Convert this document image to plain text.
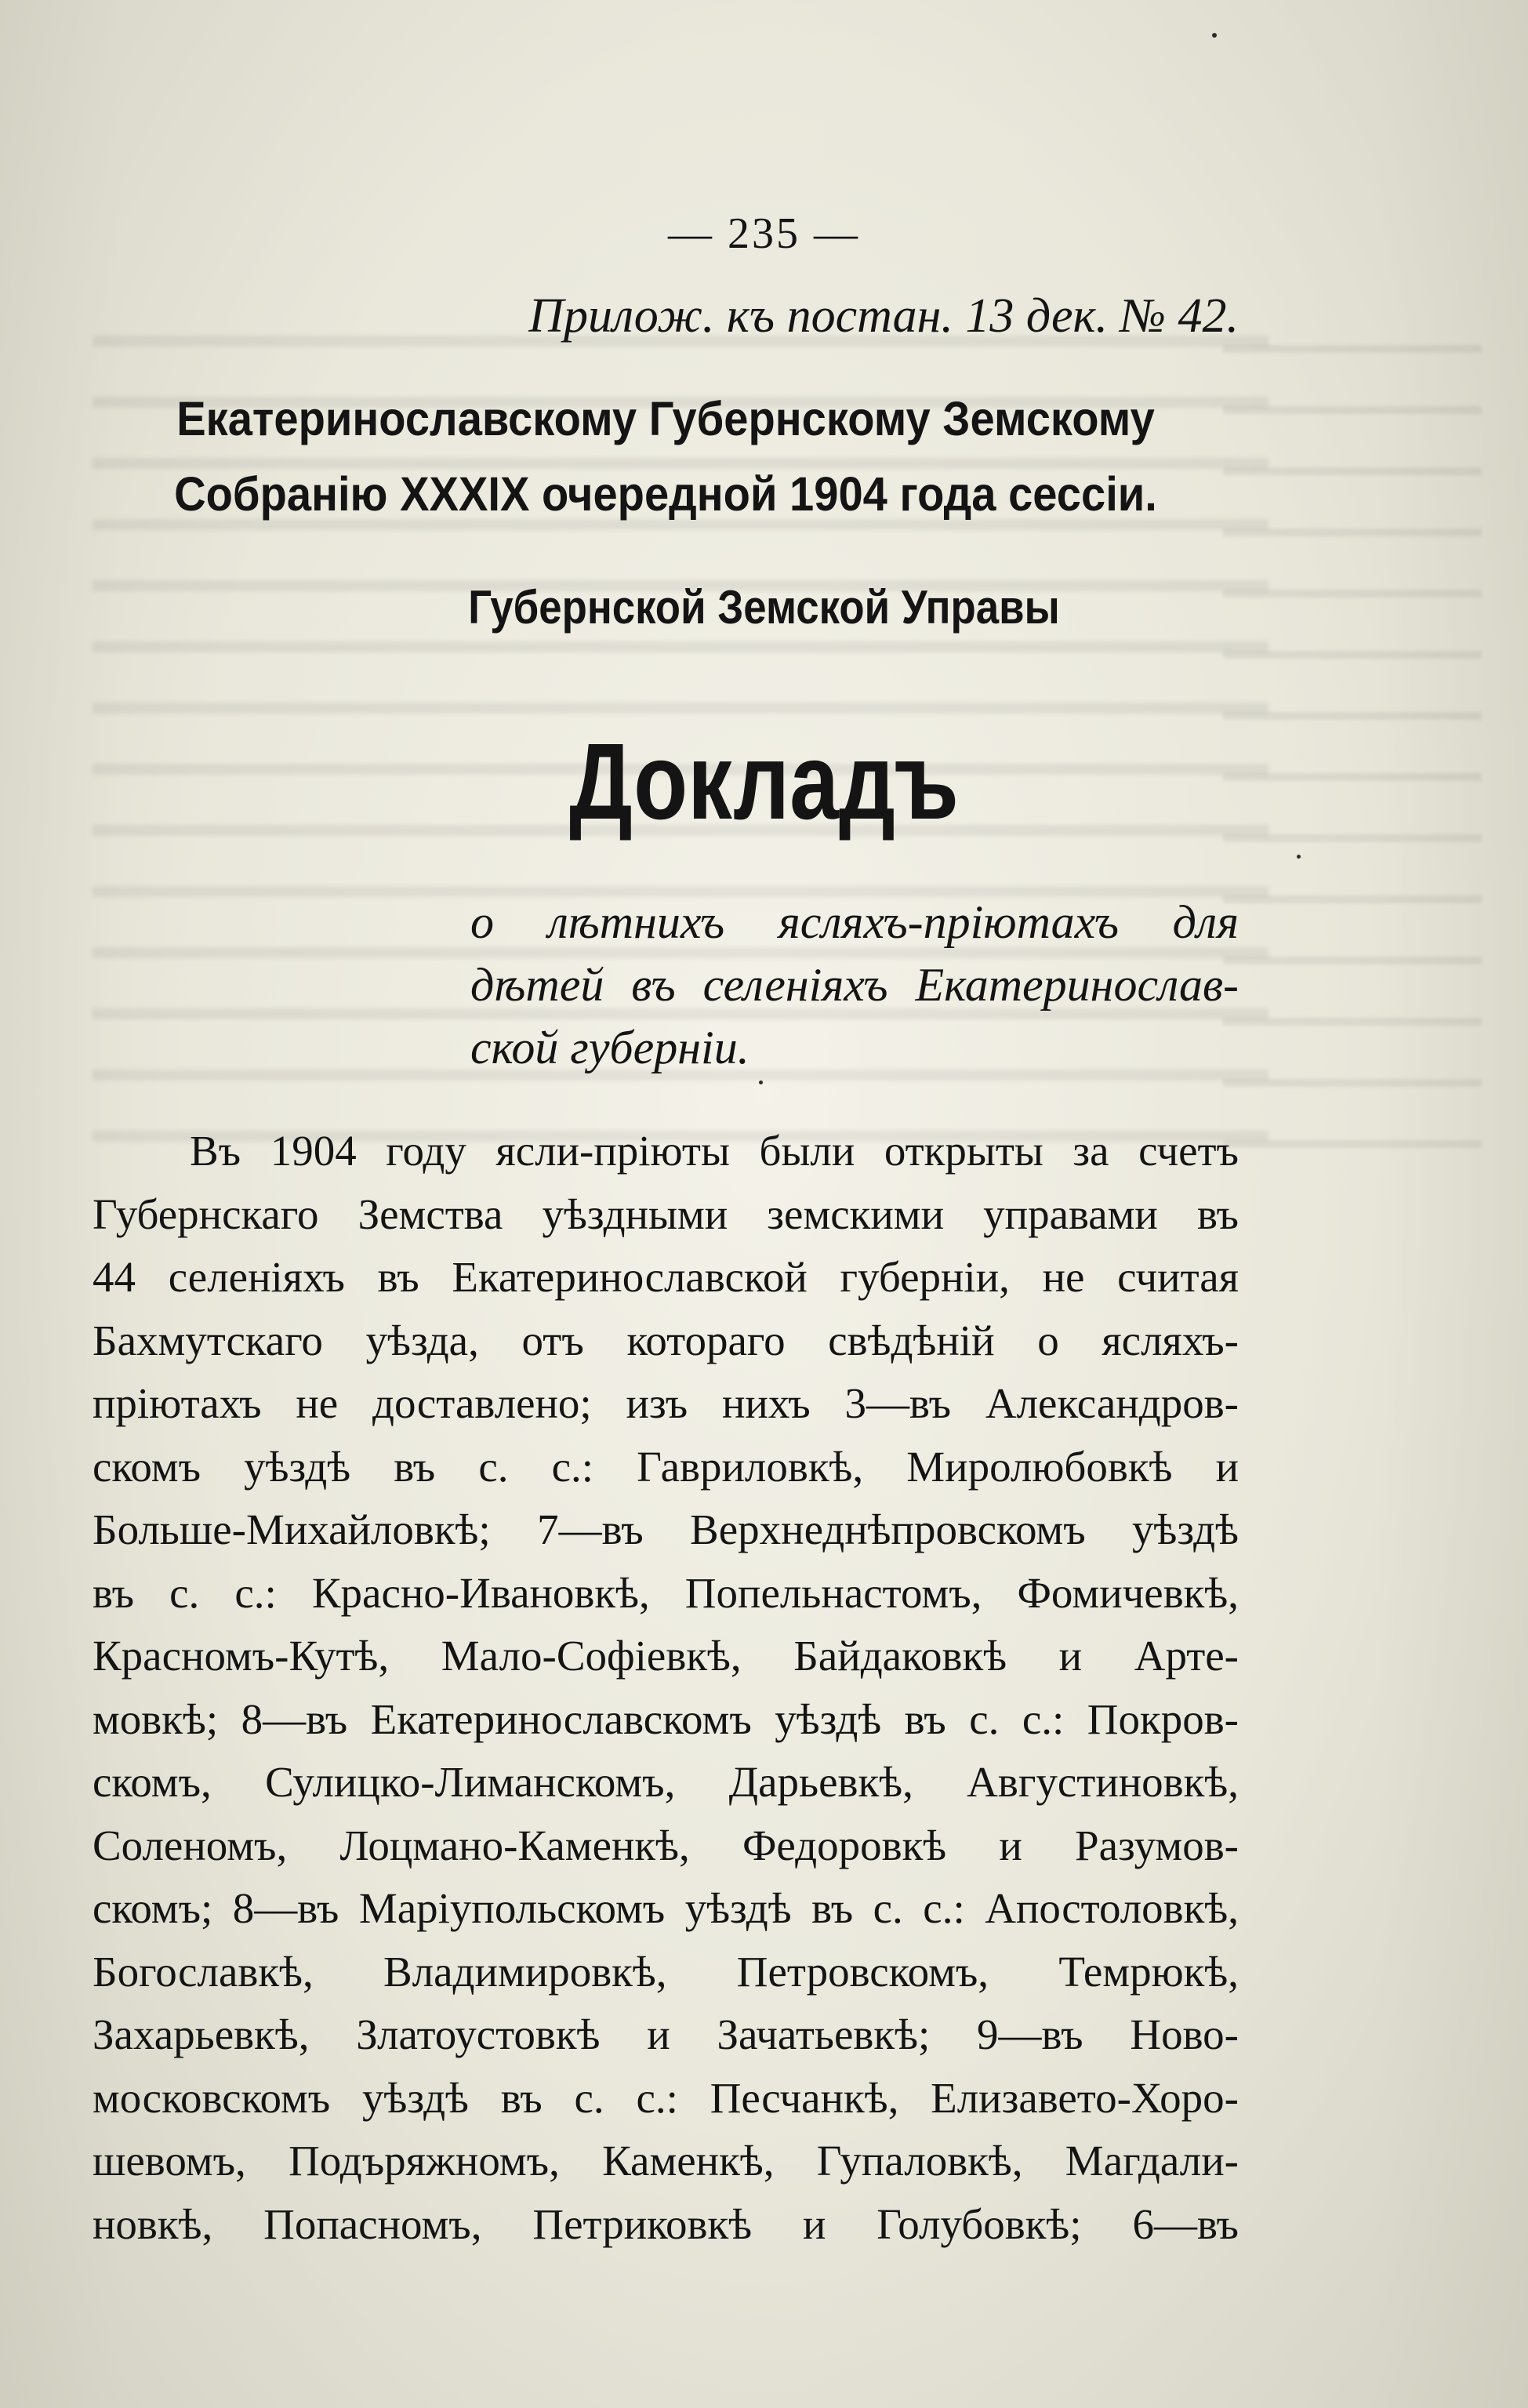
— 235 —
Прилож. къ постан. 13 дек. № 42.
Екатеринославскому Губернскому Земскому
Собранію XXXIX очередной 1904 года сессіи.
Губернской Земской Управы
Докладъ
о лѣтнихъ ясляхъ-пріютахъ для
дѣтей въ селеніяхъ Екатеринослав-
ской губерніи.
Въ 1904 году ясли-пріюты были открыты за счетъ
Губернскаго Земства уѣздными земскими управами въ
44 селеніяхъ въ Екатеринославской губерніи, не считая
Бахмутскаго уѣзда, отъ котораго свѣдѣній о ясляхъ-
пріютахъ не доставлено; изъ нихъ 3—въ Александров-
скомъ уѣздѣ въ с. с.: Гавриловкѣ, Миролюбовкѣ и
Больше-Михайловкѣ; 7—въ Верхнеднѣпровскомъ уѣздѣ
въ с. с.: Красно-Ивановкѣ, Попельнастомъ, Фомичевкѣ,
Красномъ-Кутѣ, Мало-Софіевкѣ, Байдаковкѣ и Арте-
мовкѣ; 8—въ Екатеринославскомъ уѣздѣ въ с. с.: Покров-
скомъ, Сулицко-Лиманскомъ, Дарьевкѣ, Августиновкѣ,
Соленомъ, Лоцмано-Каменкѣ, Федоровкѣ и Разумов-
скомъ; 8—въ Маріупольскомъ уѣздѣ въ с. с.: Апостоловкѣ,
Богославкѣ, Владимировкѣ, Петровскомъ, Темрюкѣ,
Захарьевкѣ, Златоустовкѣ и Зачатьевкѣ; 9—въ Ново-
московскомъ уѣздѣ въ с. с.: Песчанкѣ, Елизавето-Хоро-
шевомъ, Подъряжномъ, Каменкѣ, Гупаловкѣ, Магдали-
новкѣ, Попасномъ, Петриковкѣ и Голубовкѣ; 6—въ
